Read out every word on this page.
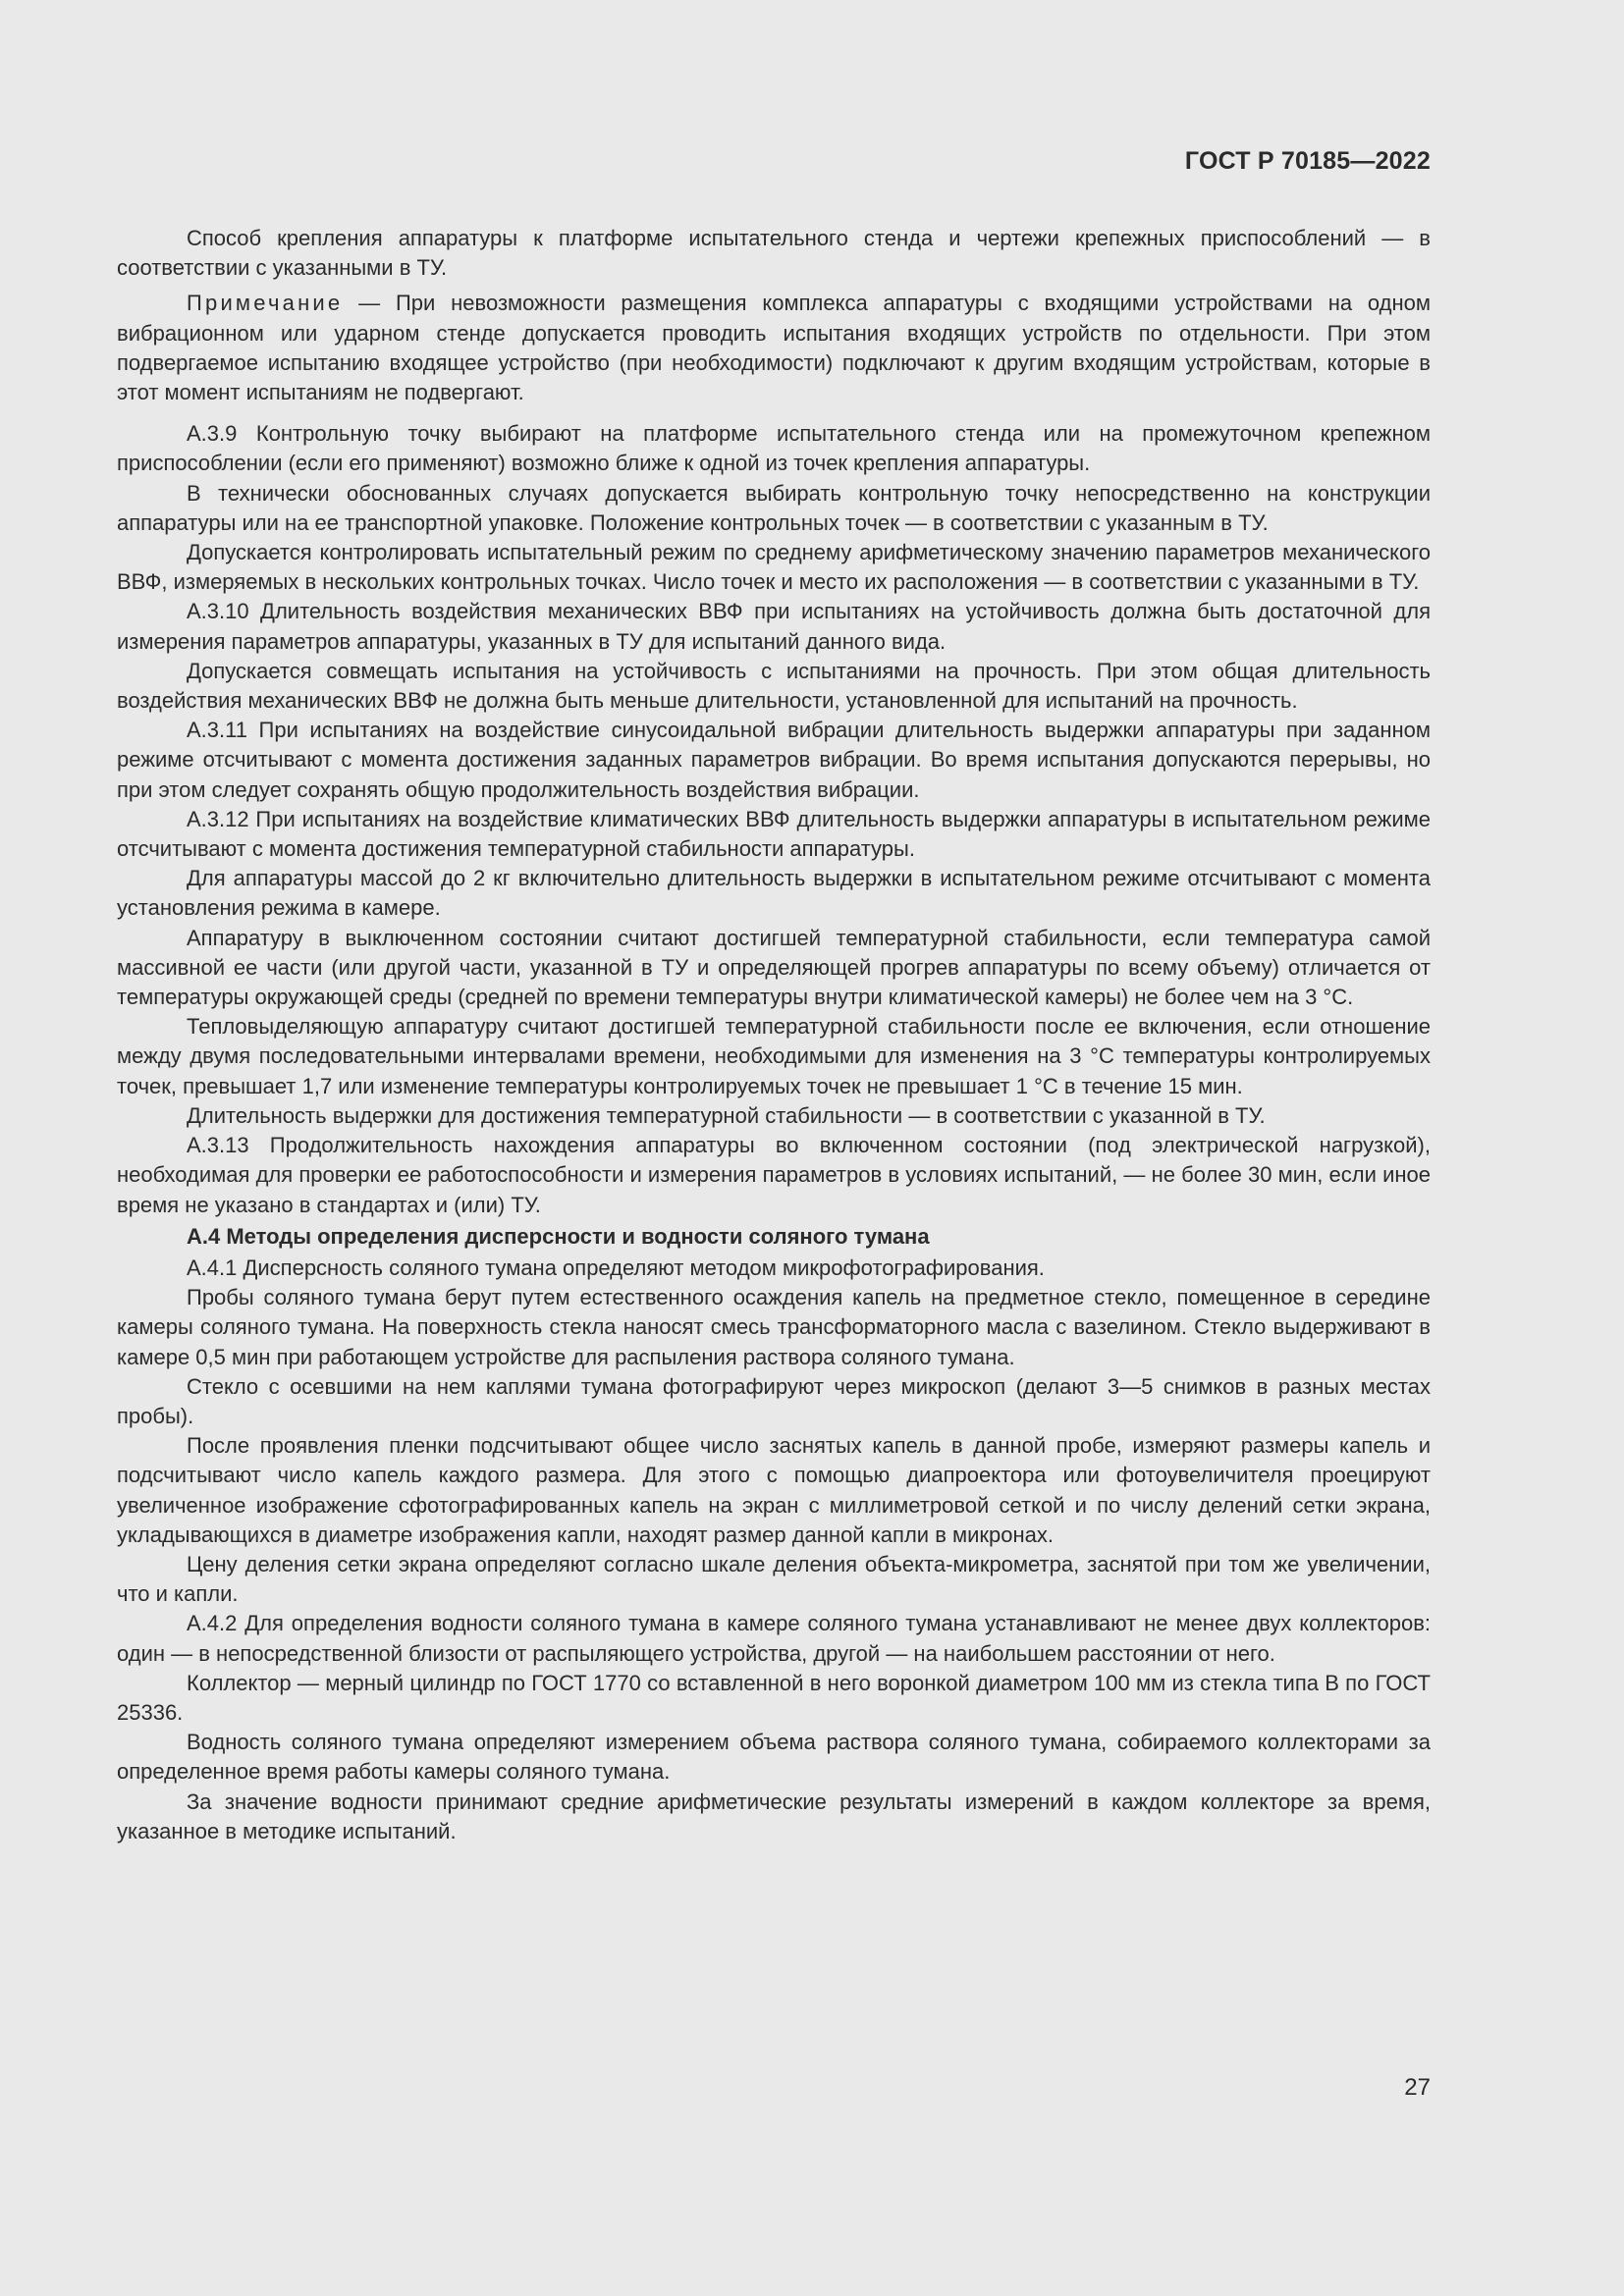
ГОСТ Р 70185—2022

Способ крепления аппаратуры к платформе испытательного стенда и чертежи крепежных приспособлений — в соответствии с указанными в ТУ.

Примечание — При невозможности размещения комплекса аппаратуры с входящими устройствами на одном вибрационном или ударном стенде допускается проводить испытания входящих устройств по отдельности. При этом подвергаемое испытанию входящее устройство (при необходимости) подключают к другим входящим устройствам, которые в этот момент испытаниям не подвергают.

А.3.9 Контрольную точку выбирают на платформе испытательного стенда или на промежуточном крепежном приспособлении (если его применяют) возможно ближе к одной из точек крепления аппаратуры.

В технически обоснованных случаях допускается выбирать контрольную точку непосредственно на конструкции аппаратуры или на ее транспортной упаковке. Положение контрольных точек — в соответствии с указанным в ТУ.

Допускается контролировать испытательный режим по среднему арифметическому значению параметров механического ВВФ, измеряемых в нескольких контрольных точках. Число точек и место их расположения — в соответствии с указанными в ТУ.

А.3.10 Длительность воздействия механических ВВФ при испытаниях на устойчивость должна быть достаточной для измерения параметров аппаратуры, указанных в ТУ для испытаний данного вида.

Допускается совмещать испытания на устойчивость с испытаниями на прочность. При этом общая длительность воздействия механических ВВФ не должна быть меньше длительности, установленной для испытаний на прочность.

А.3.11 При испытаниях на воздействие синусоидальной вибрации длительность выдержки аппаратуры при заданном режиме отсчитывают с момента достижения заданных параметров вибрации. Во время испытания допускаются перерывы, но при этом следует сохранять общую продолжительность воздействия вибрации.

А.3.12 При испытаниях на воздействие климатических ВВФ длительность выдержки аппаратуры в испытательном режиме отсчитывают с момента достижения температурной стабильности аппаратуры.

Для аппаратуры массой до 2 кг включительно длительность выдержки в испытательном режиме отсчитывают с момента установления режима в камере.

Аппаратуру в выключенном состоянии считают достигшей температурной стабильности, если температура самой массивной ее части (или другой части, указанной в ТУ и определяющей прогрев аппаратуры по всему объему) отличается от температуры окружающей среды (средней по времени температуры внутри климатической камеры) не более чем на 3 °С.

Тепловыделяющую аппаратуру считают достигшей температурной стабильности после ее включения, если отношение между двумя последовательными интервалами времени, необходимыми для изменения на 3 °С температуры контролируемых точек, превышает 1,7 или изменение температуры контролируемых точек не превышает 1 °С в течение 15 мин.

Длительность выдержки для достижения температурной стабильности — в соответствии с указанной в ТУ.

А.3.13 Продолжительность нахождения аппаратуры во включенном состоянии (под электрической нагрузкой), необходимая для проверки ее работоспособности и измерения параметров в условиях испытаний, — не более 30 мин, если иное время не указано в стандартах и (или) ТУ.

А.4 Методы определения дисперсности и водности соляного тумана

А.4.1 Дисперсность соляного тумана определяют методом микрофотографирования.

Пробы соляного тумана берут путем естественного осаждения капель на предметное стекло, помещенное в середине камеры соляного тумана. На поверхность стекла наносят смесь трансформаторного масла с вазелином. Стекло выдерживают в камере 0,5 мин при работающем устройстве для распыления раствора соляного тумана.

Стекло с осевшими на нем каплями тумана фотографируют через микроскоп (делают 3—5 снимков в разных местах пробы).

После проявления пленки подсчитывают общее число заснятых капель в данной пробе, измеряют размеры капель и подсчитывают число капель каждого размера. Для этого с помощью диапроектора или фотоувеличителя проецируют увеличенное изображение сфотографированных капель на экран с миллиметровой сеткой и по числу делений сетки экрана, укладывающихся в диаметре изображения капли, находят размер данной капли в микронах.

Цену деления сетки экрана определяют согласно шкале деления объекта-микрометра, заснятой при том же увеличении, что и капли.

А.4.2 Для определения водности соляного тумана в камере соляного тумана устанавливают не менее двух коллекторов: один — в непосредственной близости от распыляющего устройства, другой — на наибольшем расстоянии от него.

Коллектор — мерный цилиндр по ГОСТ 1770 со вставленной в него воронкой диаметром 100 мм из стекла типа В по ГОСТ 25336.

Водность соляного тумана определяют измерением объема раствора соляного тумана, собираемого коллекторами за определенное время работы камеры соляного тумана.

За значение водности принимают средние арифметические результаты измерений в каждом коллекторе за время, указанное в методике испытаний.

27
